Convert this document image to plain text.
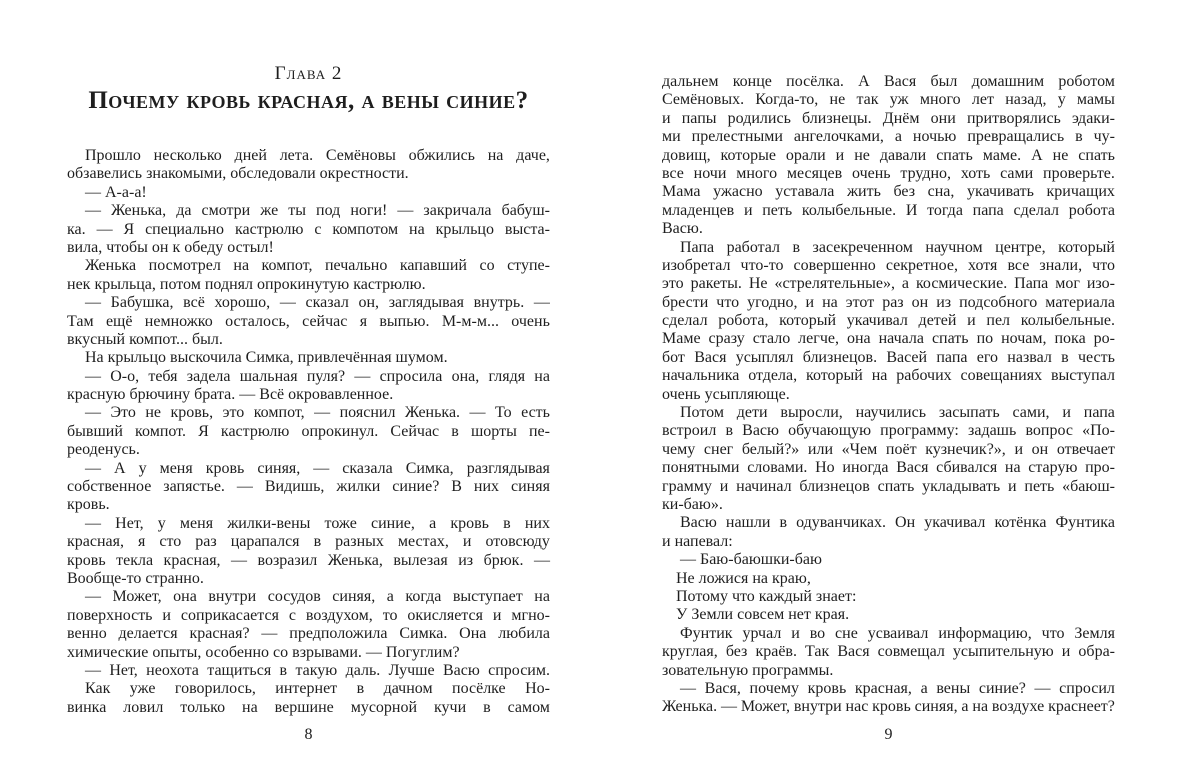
Глава 2
Почему кровь красная, а вены синие?
Прошло несколько дней лета. Семёновы обжились на даче,
обзавелись знакомыми, обследовали окрестности.
— А-а-а!
— Женька, да смотри же ты под ноги! — закричала бабуш-
ка. — Я специально кастрюлю с компотом на крыльцо выста-
вила, чтобы он к обеду остыл!
Женька посмотрел на компот, печально капавший со ступе-
нек крыльца, потом поднял опрокинутую кастрюлю.
— Бабушка, всё хорошо, — сказал он, заглядывая внутрь. —
Там ещё немножко осталось, сейчас я выпью. М-м-м... очень
вкусный компот... был.
На крыльцо выскочила Симка, привлечённая шумом.
— О-о, тебя задела шальная пуля? — спросила она, глядя на
красную брючину брата. — Всё окровавленное.
— Это не кровь, это компот, — пояснил Женька. — То есть
бывший компот. Я кастрюлю опрокинул. Сейчас в шорты пе-
реоденусь.
— А у меня кровь синяя, — сказала Симка, разглядывая
собственное запястье. — Видишь, жилки синие? В них синяя
кровь.
— Нет, у меня жилки-вены тоже синие, а кровь в них
красная, я сто раз царапался в разных местах, и отовсюду
кровь текла красная, — возразил Женька, вылезая из брюк. —
Вообще-то странно.
— Может, она внутри сосудов синяя, а когда выступает на
поверхность и соприкасается с воздухом, то окисляется и мгно-
венно делается красная? — предположила Симка. Она любила
химические опыты, особенно со взрывами. — Погуглим?
— Нет, неохота тащиться в такую даль. Лучше Васю спросим.
Как уже говорилось, интернет в дачном посёлке Но-
винка ловил только на вершине мусорной кучи в самом
дальнем конце посёлка. А Вася был домашним роботом
Семёновых. Когда-то, не так уж много лет назад, у мамы
и папы родились близнецы. Днём они притворялись эдаки-
ми прелестными ангелочками, а ночью превращались в чу-
довищ, которые орали и не давали спать маме. А не спать
все ночи много месяцев очень трудно, хоть сами проверьте.
Мама ужасно уставала жить без сна, укачивать кричащих
младенцев и петь колыбельные. И тогда папа сделал робота
Васю.
Папа работал в засекреченном научном центре, который
изобретал что-то совершенно секретное, хотя все знали, что
это ракеты. Не «стрелятельные», а космические. Папа мог изо-
брести что угодно, и на этот раз он из подсобного материала
сделал робота, который укачивал детей и пел колыбельные.
Маме сразу стало легче, она начала спать по ночам, пока ро-
бот Вася усыплял близнецов. Васей папа его назвал в честь
начальника отдела, который на рабочих совещаниях выступал
очень усыпляюще.
Потом дети выросли, научились засыпать сами, и папа
встроил в Васю обучающую программу: задашь вопрос «По-
чему снег белый?» или «Чем поёт кузнечик?», и он отвечает
понятными словами. Но иногда Вася сбивался на старую про-
грамму и начинал близнецов спать укладывать и петь «баюш-
ки-баю».
Васю нашли в одуванчиках. Он укачивал котёнка Фунтика
и напевал:
— Баю-баюшки-баю
Не ложися на краю,
Потому что каждый знает:
У Земли совсем нет края.
Фунтик урчал и во сне усваивал информацию, что Земля
круглая, без краёв. Так Вася совмещал усыпительную и обра-
зовательную программы.
— Вася, почему кровь красная, а вены синие? — спросил
Женька. — Может, внутри нас кровь синяя, а на воздухе краснеет?
8	9
